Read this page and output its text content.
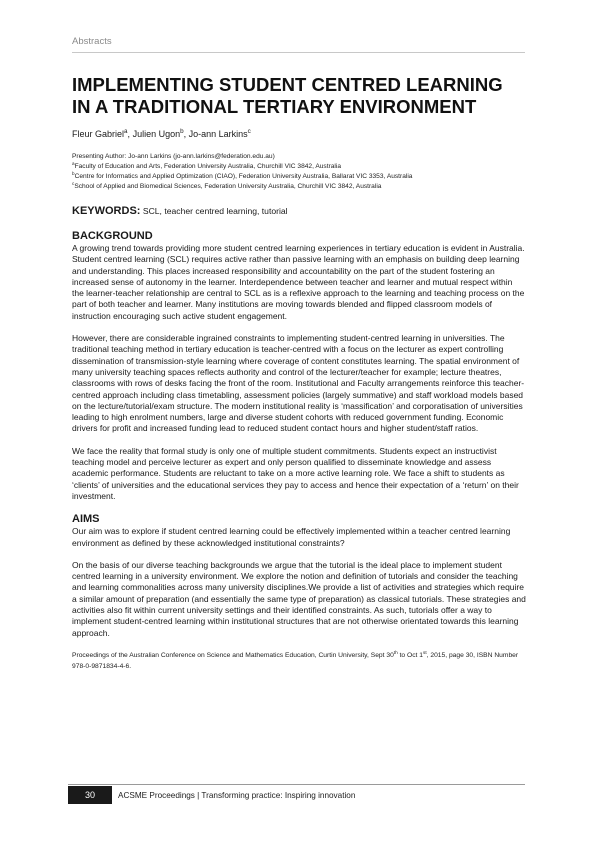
Abstracts
IMPLEMENTING STUDENT CENTRED LEARNING IN A TRADITIONAL TERTIARY ENVIRONMENT

Fleur Gabriel$^a$, Julien Ugon$^b$, Jo-ann Larkins$^c$

Presenting Author: Jo-ann Larkins (jo-ann.larkins@federation.edu.au)

$^a$Faculty of Education and Arts, Federation University Australia, Churchill VIC 3842, Australia

$^b$Centre for Informatics and Applied Optimization (CIAO), Federation University Australia, Ballarat VIC 3353, Australia

$^c$School of Applied and Biomedical Sciences, Federation University Australia, Churchill VIC 3842, Australia

KEYWORDS: SCL, teacher centred learning, tutorial

BACKGROUND

A growing trend towards providing more student centred learning experiences in tertiary education is evident in Australia. Student centred learning (SCL) requires active rather than passive learning with an emphasis on building deep learning and understanding. This places increased responsibility and accountability on the part of the student fostering an increased sense of autonomy in the learner. Interdependence between teacher and learner and mutual respect within the learner-teacher relationship are central to SCL as is a reflexive approach to the learning and teaching process on the part of both teacher and learner. Many institutions are moving towards blended and flipped classroom models of instruction encouraging such active student engagement.

However, there are considerable ingrained constraints to implementing student-centred learning in universities. The traditional teaching method in tertiary education is teacher-centred with a focus on the lecturer as expert controlling dissemination of transmission-style learning where coverage of content constitutes learning. The spatial environment of many university teaching spaces reflects authority and control of the lecturer/teacher for example; lecture theatres, classrooms with rows of desks facing the front of the room. Institutional and Faculty arrangements reinforce this teacher-centred approach including class timetabling, assessment policies (largely summative) and staff workload models based on the lecture/tutorial/exam structure. The modern institutional reality is ‘massification’ and corporatisation of universities leading to high enrolment numbers, large and diverse student cohorts with reduced government funding. Economic drivers for profit and increased funding lead to reduced student contact hours and higher student/staff ratios.

We face the reality that formal study is only one of multiple student commitments. Students expect an instructivist teaching model and perceive lecturer as expert and only person qualified to disseminate knowledge and assess academic performance. Students are reluctant to take on a more active learning role. We face a shift to students as ‘clients’ of universities and the educational services they pay to access and hence their expectation of a ‘return’ on their investment.

AIMS

Our aim was to explore if student centred learning could be effectively implemented within a teacher centred learning environment as defined by these acknowledged institutional constraints?

On the basis of our diverse teaching backgrounds we argue that the tutorial is the ideal place to implement student centred learning in a university environment. We explore the notion and definition of tutorials and consider the teaching and learning commonalities across many university disciplines.We provide a list of activities and strategies which require a similar amount of preparation (and essentially the same type of preparation) as classical tutorials. These strategies and activities also fit within current university settings and their identified constraints. As such, tutorials offer a way to implement student-centred learning within institutional structures that are not otherwise orientated towards this learning approach.

Proceedings of the Australian Conference on Science and Mathematics Education, Curtin University, Sept 30th to Oct 1st, 2015, page 30, ISBN Number 978-0-9871834-4-6.

30	ACSME Proceedings | Transforming practice: Inspiring innovation
